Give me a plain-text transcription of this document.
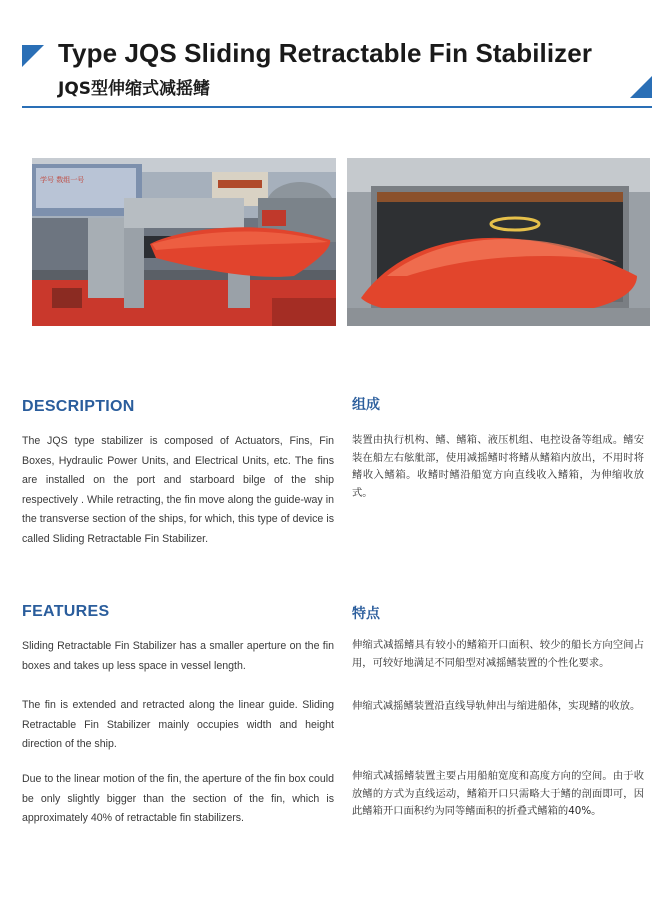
Type JQS Sliding Retractable Fin Stabilizer
JQS型伸缩式减摇鳍
学号 数组一号
DESCRIPTION	组成

The JQS type stabilizer is composed of Actuators, Fins, Fin Boxes, Hydraulic Power Units, and Electrical Units, etc. The fins are installed on the port and starboard bilge of the ship respectively . While retracting, the fin move along the guide-way in the transverse section of the ships, for which, this type of device is called Sliding Retractable Fin Stabilizer.

装置由执行机构、鳍、鳍箱、液压机组、电控设备等组成。鳍安装在船左右舷舭部，使用减摇鳍时将鳍从鳍箱内放出，不用时将鳍收入鳍箱。收鳍时鳍沿船宽方向直线收入鳍箱，为伸缩收放式。

FEATURES	特点

Sliding Retractable Fin Stabilizer has a smaller aperture on the fin boxes and takes up less space in vessel length.

The fin is extended and retracted along the linear guide. Sliding Retractable Fin Stabilizer mainly occupies width and height direction of the ship.

Due to the linear motion of the fin, the aperture of the fin box could be only slightly bigger than the section of the fin, which is approximately 40% of retractable fin stabilizers.

伸缩式减摇鳍具有较小的鳍箱开口面积、较少的船长方向空间占用，可较好地满足不同船型对减摇鳍装置的个性化要求。

伸缩式减摇鳍装置沿直线导轨伸出与缩进船体，实现鳍的收放。

伸缩式减摇鳍装置主要占用船舶宽度和高度方向的空间。由于收放鳍的方式为直线运动，鳍箱开口只需略大于鳍的剖面即可，因此鳍箱开口面积约为同等鳍面积的折叠式鳍箱的40%。
